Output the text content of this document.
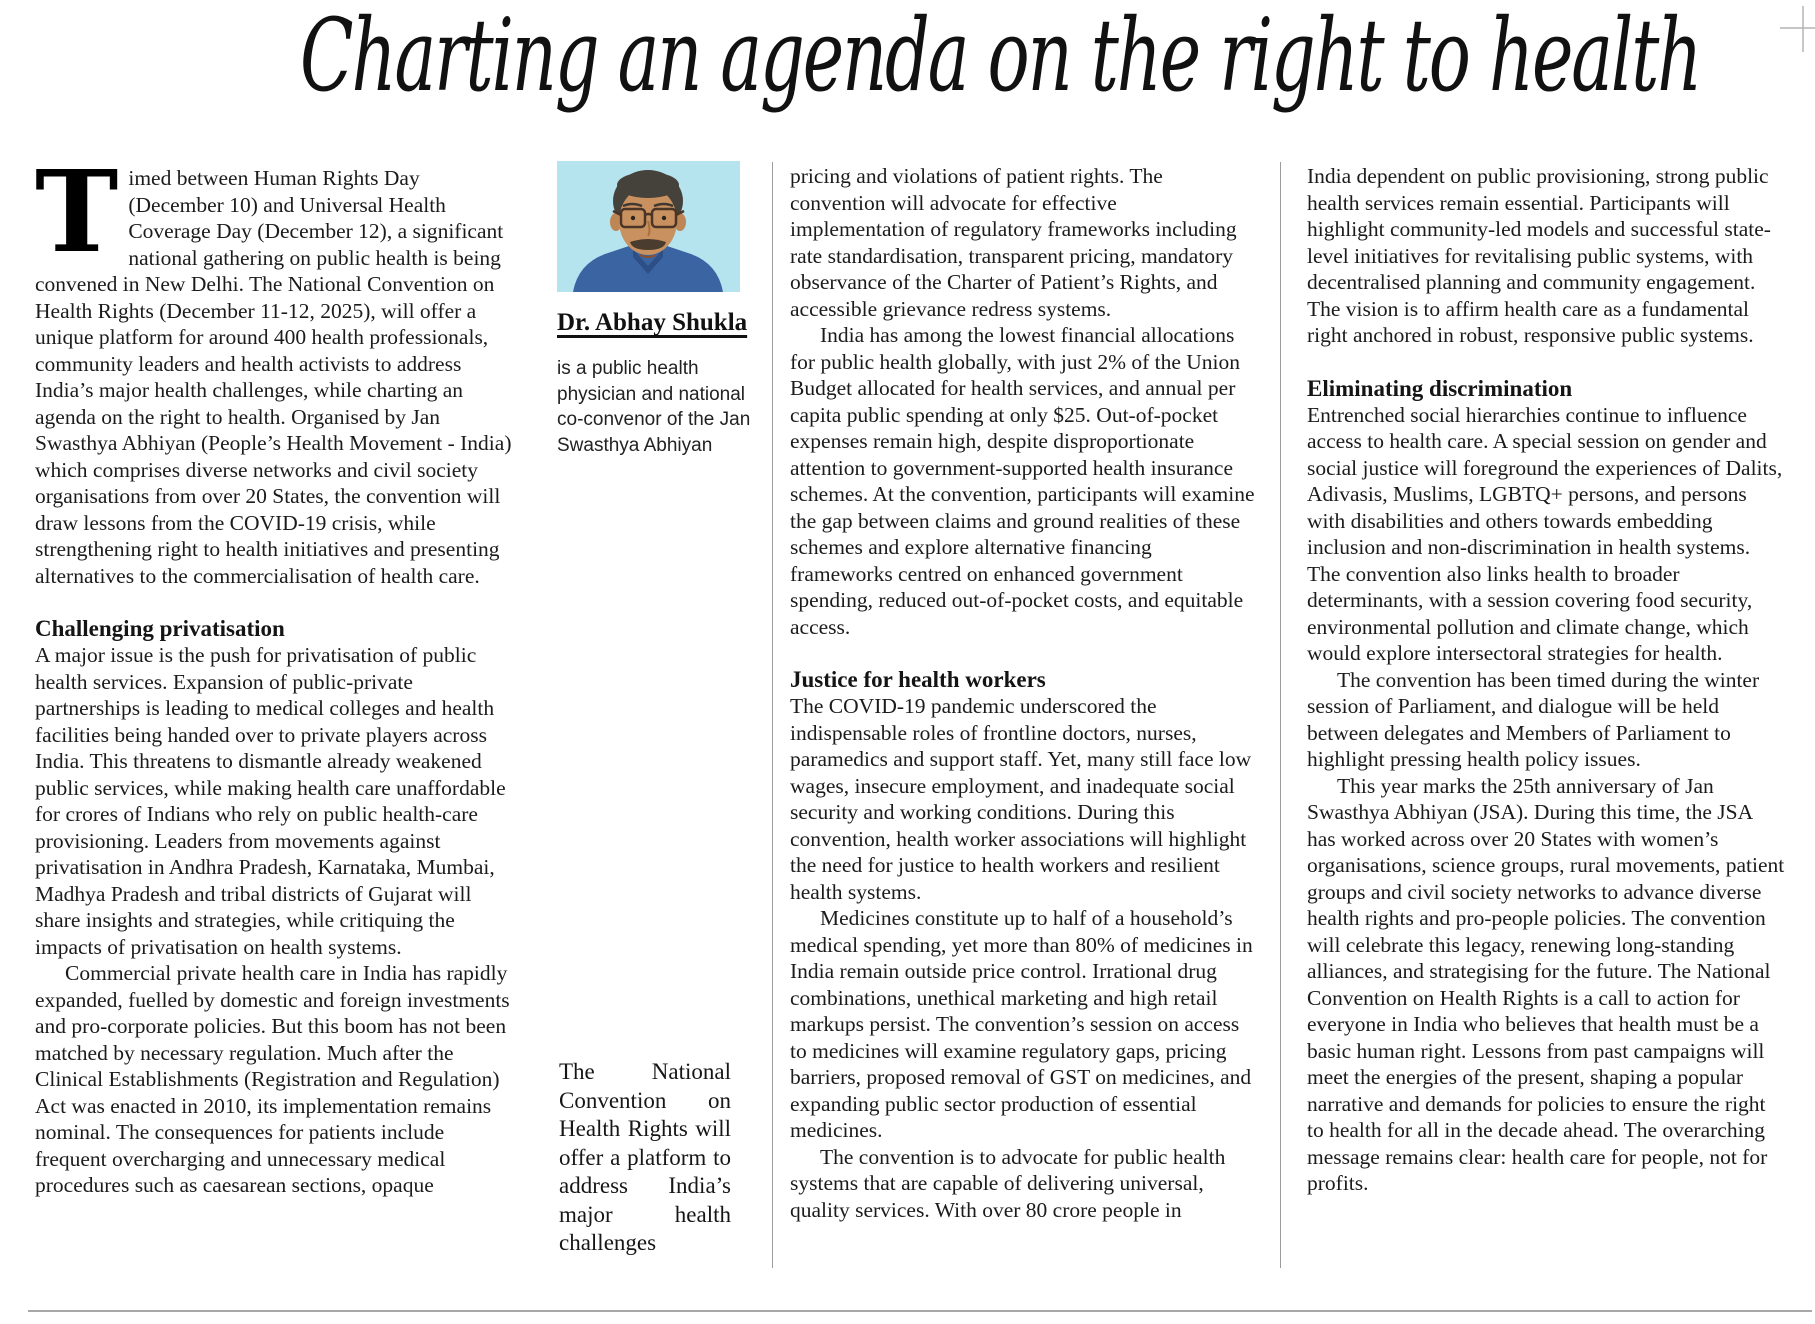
Charting an agenda on the right to health

Timed between Human Rights Day (December 10) and Universal Health Coverage Day (December 12), a significant national gathering on public health is being convened in New Delhi. The National Convention on Health Rights (December 11-12, 2025), will offer a unique platform for around 400 health professionals, community leaders and health activists to address India’s major health challenges, while charting an agenda on the right to health. Organised by Jan Swasthya Abhiyan (People’s Health Movement - India) which comprises diverse networks and civil society organisations from over 20 States, the convention will draw lessons from the COVID-19 crisis, while strengthening right to health initiatives and presenting alternatives to the commercialisation of health care.

Challenging privatisation

A major issue is the push for privatisation of public health services. Expansion of public-private partnerships is leading to medical colleges and health facilities being handed over to private players across India. This threatens to dismantle already weakened public services, while making health care unaffordable for crores of Indians who rely on public health-care provisioning. Leaders from movements against privatisation in Andhra Pradesh, Karnataka, Mumbai, Madhya Pradesh and tribal districts of Gujarat will share insights and strategies, while critiquing the impacts of privatisation on health systems.

Commercial private health care in India has rapidly expanded, fuelled by domestic and foreign investments and pro-corporate policies. But this boom has not been matched by necessary regulation. Much after the Clinical Establishments (Registration and Regulation) Act was enacted in 2010, its implementation remains nominal. The consequences for patients include frequent overcharging and unnecessary medical procedures such as caesarean sections, opaque

Dr. Abhay Shukla

is a public health physician and national co-convenor of the Jan Swasthya Abhiyan

The National Convention on Health Rights will offer a platform to address India’s major health challenges

pricing and violations of patient rights. The convention will advocate for effective implementation of regulatory frameworks including rate standardisation, transparent pricing, mandatory observance of the Charter of Patient’s Rights, and accessible grievance redress systems.

India has among the lowest financial allocations for public health globally, with just 2% of the Union Budget allocated for health services, and annual per capita public spending at only $25. Out-of-pocket expenses remain high, despite disproportionate attention to government-supported health insurance schemes. At the convention, participants will examine the gap between claims and ground realities of these schemes and explore alternative financing frameworks centred on enhanced government spending, reduced out-of-pocket costs, and equitable access.

Justice for health workers

The COVID-19 pandemic underscored the indispensable roles of frontline doctors, nurses, paramedics and support staff. Yet, many still face low wages, insecure employment, and inadequate social security and working conditions. During this convention, health worker associations will highlight the need for justice to health workers and resilient health systems.

Medicines constitute up to half of a household’s medical spending, yet more than 80% of medicines in India remain outside price control. Irrational drug combinations, unethical marketing and high retail markups persist. The convention’s session on access to medicines will examine regulatory gaps, pricing barriers, proposed removal of GST on medicines, and expanding public sector production of essential medicines.

The convention is to advocate for public health systems that are capable of delivering universal, quality services. With over 80 crore people in

India dependent on public provisioning, strong public health services remain essential. Participants will highlight community-led models and successful state-level initiatives for revitalising public systems, with decentralised planning and community engagement. The vision is to affirm health care as a fundamental right anchored in robust, responsive public systems.

Eliminating discrimination

Entrenched social hierarchies continue to influence access to health care. A special session on gender and social justice will foreground the experiences of Dalits, Adivasis, Muslims, LGBTQ+ persons, and persons with disabilities and others towards embedding inclusion and non-discrimination in health systems. The convention also links health to broader determinants, with a session covering food security, environmental pollution and climate change, which would explore intersectoral strategies for health.

The convention has been timed during the winter session of Parliament, and dialogue will be held between delegates and Members of Parliament to highlight pressing health policy issues.

This year marks the 25th anniversary of Jan Swasthya Abhiyan (JSA). During this time, the JSA has worked across over 20 States with women’s organisations, science groups, rural movements, patient groups and civil society networks to advance diverse health rights and pro-people policies. The convention will celebrate this legacy, renewing long-standing alliances, and strategising for the future. The National Convention on Health Rights is a call to action for everyone in India who believes that health must be a basic human right. Lessons from past campaigns will meet the energies of the present, shaping a popular narrative and demands for policies to ensure the right to health for all in the decade ahead. The overarching message remains clear: health care for people, not for profits.
